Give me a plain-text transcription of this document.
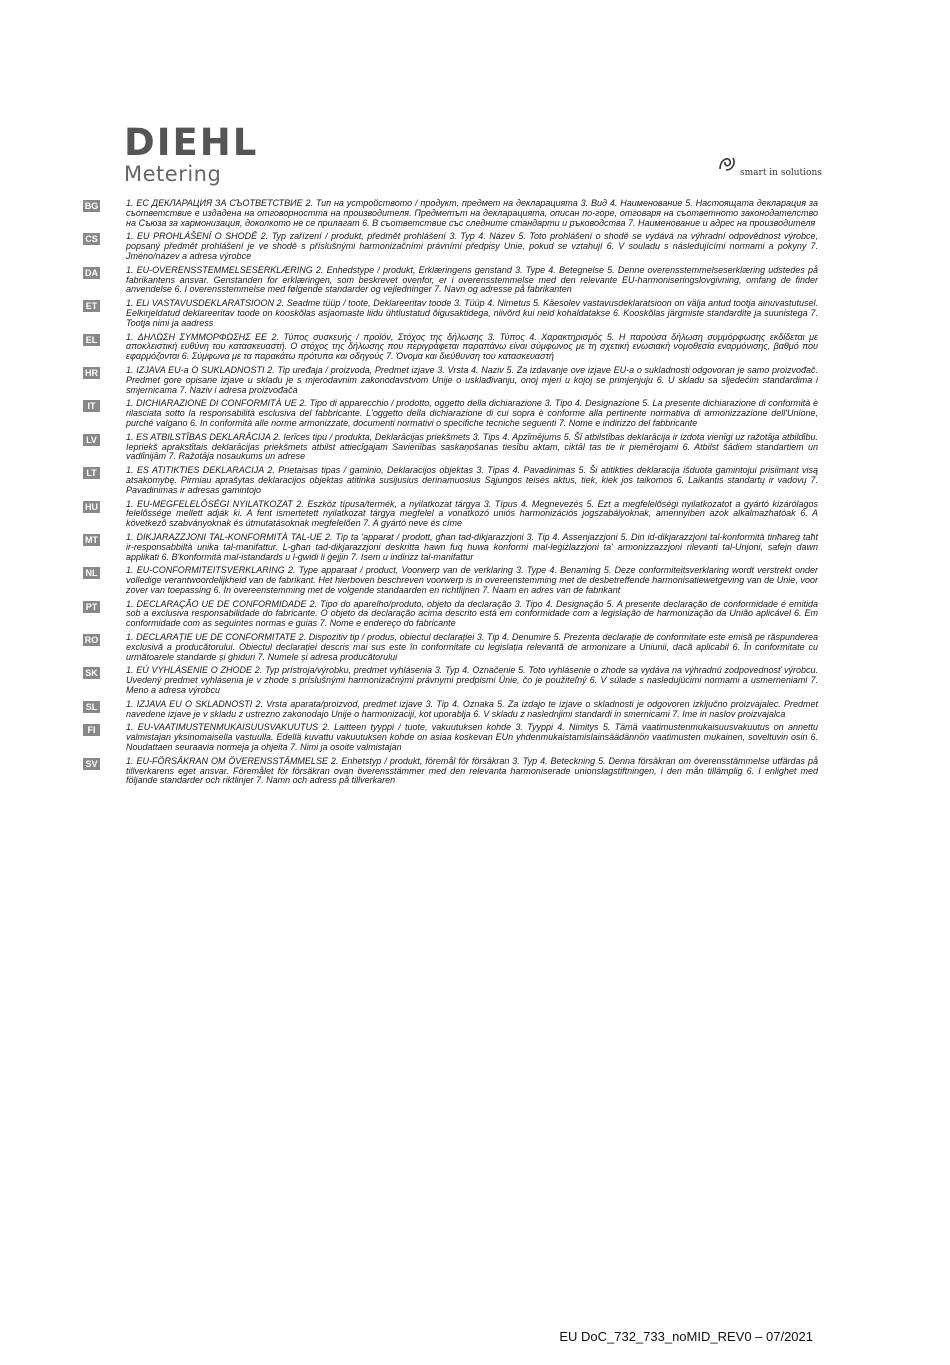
DIEHL
Metering	smart in solutions
BG	1. ЕС ДЕКЛАРАЦИЯ ЗА СЪОТВЕТСТВИЕ 2. Тип на устройството / продукт, предмет на декларацията 3. Вид 4. Наименование 5. Настоящата декларация за съответствие е издадена на отговорността на производителя. Предметът на декларацията, описан по-горе, отговаря на съответното законодателство на Съюза за хармонизация, доколкото не се прилагат 6. В съответствие със следните стандарти и ръководства 7. Наименование и адрес на производителя
CS	1. EU PROHLÁŠENÍ O SHODĚ 2. Typ zařízení / produkt, předmět prohlášení 3. Typ 4. Název 5. Toto prohlášení o shodě se vydává na výhradní odpovědnost výrobce, popsaný předmět prohlášení je ve shodě s příslušnými harmonizačními právními předpisy Unie, pokud se vztahují 6. V souladu s následujícími normami a pokyny 7. Jméno/název a adresa výrobce
DA	1. EU-OVERENSSTEMMELSESERKLÆRING 2. Enhedstype / produkt, Erklæringens genstand 3. Type 4. Betegnelse 5. Denne overensstemmelseserklæring udstedes på fabrikantens ansvar. Genstanden for erklæringen, som beskrevet ovenfor, er i overensstemmelse med den relevante EU-harmoniseringslovgivning, omfang de finder anvendelse 6. I overensstemmelse med følgende standarder og vejledninger 7. Navn og adresse på fabrikanten
ET	1. ELi VASTAVUSDEKLARATSIOON 2. Seadme tüüp / toote, Deklareeritav toode 3. Tüüp 4. Nimetus 5. Käesolev vastavusdeklaratsioon on välja antud tootja ainuvastutusel. Eelkirjeldatud deklareeritav toode on kooskõlas asjaomaste liidu ühtlustatud õigusaktidega, niivõrd kui neid kohaldatakse 6. Kooskõlas järgmiste standardite ja suunistega 7. Tootja nimi ja aadress
EL	1. ΔΗΛΩΣΗ ΣΥΜΜΟΡΦΩΣΗΣ ΕΕ 2. Τύπος συσκευής / προϊόν, Στόχος της δήλωσης 3. Τύπος 4. Χαρακτηρισμός 5. Η παρούσα δήλωση συμμόρφωσης εκδίδεται με αποκλειστική ευθύνη του κατασκευαστή. Ο στόχος της δήλωσης που περιγράφεται παραπάνω είναι σύμφωνος με τη σχετική ενωσιακή νομοθεσία εναρμόνισης, βαθμό που εφαρμόζονται 6. Σύμφωνα με τα παρακάτω πρότυπα και οδηγούς 7. Όνομα και διεύθυνση του κατασκευαστή
HR	1. IZJAVA EU-a O SUKLADNOSTI 2. Tip uređaja / proizvoda, Predmet izjave 3. Vrsta 4. Naziv 5. Za izdavanje ove izjave EU-a o sukladnosti odgovoran je samo proizvođač. Predmet gore opisane izjave u skladu je s mjerodavnim zakonodavstvom Unije o usklađivanju, onoj mjeri u kojoj se primjenjuju 6. U skladu sa sljedećim standardima i smjernicama 7. Naziv i adresa proizvođača
IT	1. DICHIARAZIONE DI CONFORMITÀ UE 2. Tipo di apparecchio / prodotto, oggetto della dichiarazione 3. Tipo 4. Designazione 5. La presente dichiarazione di conformità è rilasciata sotto la responsabilità esclusiva del fabbricante. L'oggetto della dichiarazione di cui sopra è conforme alla pertinente normativa di armonizzazione dell'Unione, purché valgano 6. In conformità alle norme armonizzate, documenti normativi o specifiche tecniche seguenti 7. Nome e indirizzo del fabbricante
LV	1. ES ATBILSTĪBAS DEKLARĀCIJA 2. Ierīces tipu / produkta, Deklarācijas priekšmets 3. Tips 4. Apzīmējums 5. Šī atbilstības deklarācija ir izdota vienīgi uz ražotāja atbildību. Iepriekš aprakstītais deklarācijas priekšmets atbilst attiecīgajam Savienības saskaņošanas tiesību aktam, ciktāl tas tie ir piemērojami 6. Atbilst šādiem standartiem un vadlīnijām 7. Ražotāja nosaukums un adrese
LT	1. ES ATITIKTIES DEKLARACIJA 2. Prietaisas tipas / gaminio, Deklaracijos objektas 3. Tipas 4. Pavadinimas 5. Ši atitikties deklaracija išduota gamintojui prisiimant visą atsakomybę. Pirmiau aprašytas deklaracijos objektas atitinka susijusius derinamuosius Sąjungos teisės aktus, tiek, kiek jos taikomos 6. Laikantis standartų ir vadovų 7. Pavadinimas ir adresas gamintojo
HU	1. EU-MEGFELELŐSÉGI NYILATKOZAT 2. Eszköz típusa/termék, a nyilatkozat tárgya 3. Típus 4. Megnevezés 5. Ezt a megfelelőségi nyilatkozatot a gyártó kizárólagos felelőssége mellett adják ki. A fent ismertetett nyilatkozat tárgya megfelel a vonatkozó uniós harmonizációs jogszabályoknak, amennyiben azok alkalmazhatóak 6. A következő szabványoknak és útmutatásoknak megfelelően 7. A gyártó neve és címe
MT	1. DIKJARAZZJONI TAL-KONFORMITÀ TAL-UE 2. Tip ta 'apparat / prodott, għan tad-dikjarazzjoni 3. Tip 4. Assenjazzjoni 5. Din id-dikjarazzjoni tal-konformità tinħareġ taħt ir-responsabbiltà unika tal-manifattur. L-għan tad-dikjarazzjoni deskritta hawn fuq huwa konformi mal-leġiżlazzjoni ta' armonizzazzjoni rilevanti tal-Unjoni, safejn dawn applikati 6. B'konformità mal-istandards u l-gwidi li ġejjin 7. Isem u indirizz tal-manifattur
NL	1. EU-CONFORMITEITSVERKLARING 2. Type apparaat / product, Voorwerp van de verklaring 3. Type 4. Benaming 5. Deze conformiteitsverklaring wordt verstrekt onder volledige verantwoordelijkheid van de fabrikant. Het hierboven beschreven voorwerp is in overeenstemming met de desbetreffende harmonisatiewetgeving van de Unie, voor zover van toepassing 6. In overeenstemming met de volgende standaarden en richtlijnen 7. Naam en adres van de fabrikant
PT	1. DECLARAÇÃO UE DE CONFORMIDADE 2. Tipo do aparelho/produto, objeto da declaração 3. Tipo 4. Designação 5. A presente declaração de conformidade é emitida sob a exclusiva responsabilidade do fabricante. O objeto da declaração acima descrito está em conformidade com a legislação de harmonização da União aplicável 6. Em conformidade com as seguintes normas e guias 7. Nome e endereço do fabricante
RO	1. DECLARAȚIE UE DE CONFORMITATE 2. Dispozitiv tip / produs, obiectul declarației 3. Tip 4. Denumire 5. Prezenta declarație de conformitate este emisă pe răspunderea exclusivă a producătorului. Obiectul declarației descris mai sus este în conformitate cu legislația relevantă de armonizare a Uniunii, dacă aplicabil 6. În conformitate cu următoarele standarde și ghiduri 7. Numele și adresa producătorului
SK	1. EÚ VYHLÁSENIE O ZHODE 2. Typ prístroja/výrobku, predmet vyhlásenia 3. Typ 4. Označenie 5. Toto vyhlásenie o zhode sa vydáva na výhradnú zodpovednosť výrobcu. Uvedený predmet vyhlásenia je v zhode s príslušnými harmonizačnými právnymi predpismi Únie, čo je použiteľný 6. V súlade s nasledujúcimi normami a usmerneniami 7. Meno a adresa výrobcu
SL	1. IZJAVA EU O SKLADNOSTI 2. Vrsta aparata/proizvod, predmet izjave 3. Tip 4. Oznaka 5. Za izdajo te izjave o skladnosti je odgovoren izključno proizvajalec. Predmet navedene izjave je v skladu z ustrezno zakonodajo Unije o harmonizaciji, kot uporablja 6. V skladu z naslednjimi standardi in smernicami 7. Ime in naslov proizvajalca
FI	1. EU-VAATIMUSTENMUKAISUUSVAKUUTUS 2. Laitteen tyyppi / tuote, vakuutuksen kohde 3. Tyyppi 4. Nimitys 5. Tämä vaatimustenmukaisuusvakuutus on annettu valmistajan yksinomaisella vastuulla. Edellä kuvattu vakuutuksen kohde on asiaa koskevan EUn yhdenmukaistamislainsäädännön vaatimusten mukainen, soveltuvin osin 6. Noudattaen seuraavia normeja ja ohjeita 7. Nimi ja osoite valmistajan
SV	1. EU-FÖRSÄKRAN OM ÖVERENSSTÄMMELSE 2. Enhetstyp / produkt, föremål för försäkran 3. Typ 4. Beteckning 5. Denna försäkran om överensstämmelse utfärdas på tillverkarens eget ansvar. Föremålet för försäkran ovan överensstämmer med den relevanta harmoniserade unionslagstiftningen, i den mån tillämplig 6. I enlighet med följande standarder och riktlinjer 7. Namn och adress på tillverkaren
EU DoC_732_733_noMID_REV0 – 07/2021
